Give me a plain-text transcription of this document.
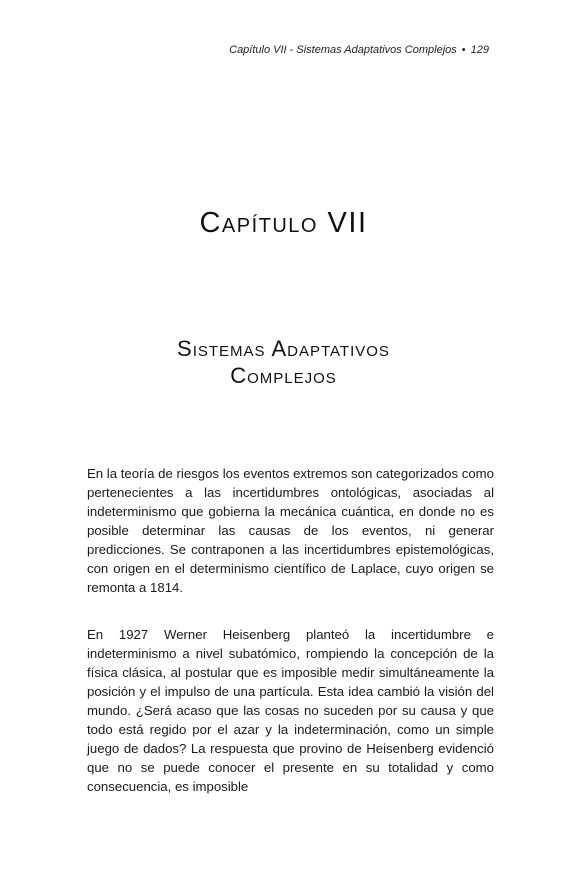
Capítulo VII - Sistemas Adaptativos Complejos • 129
Capítulo VII
Sistemas Adaptativos
Complejos

En la teoría de riesgos los eventos extremos son categorizados como pertenecientes a las incertidumbres ontológicas, asociadas al indeterminismo que gobierna la mecánica cuántica, en donde no es posible determinar las causas de los eventos, ni generar predicciones. Se contraponen a las incertidumbres epistemológicas, con origen en el determinismo científico de Laplace, cuyo origen se remonta a 1814.

En 1927 Werner Heisenberg planteó la incertidumbre e indeterminismo a nivel subatómico, rompiendo la concepción de la física clásica, al postular que es imposible medir simultáneamente la posición y el impulso de una partícula. Esta idea cambió la visión del mundo. ¿Será acaso que las cosas no suceden por su causa y que todo está regido por el azar y la indeterminación, como un simple juego de dados? La respuesta que provino de Heisenberg evidenció que no se puede conocer el presente en su totalidad y como consecuencia, es imposible
